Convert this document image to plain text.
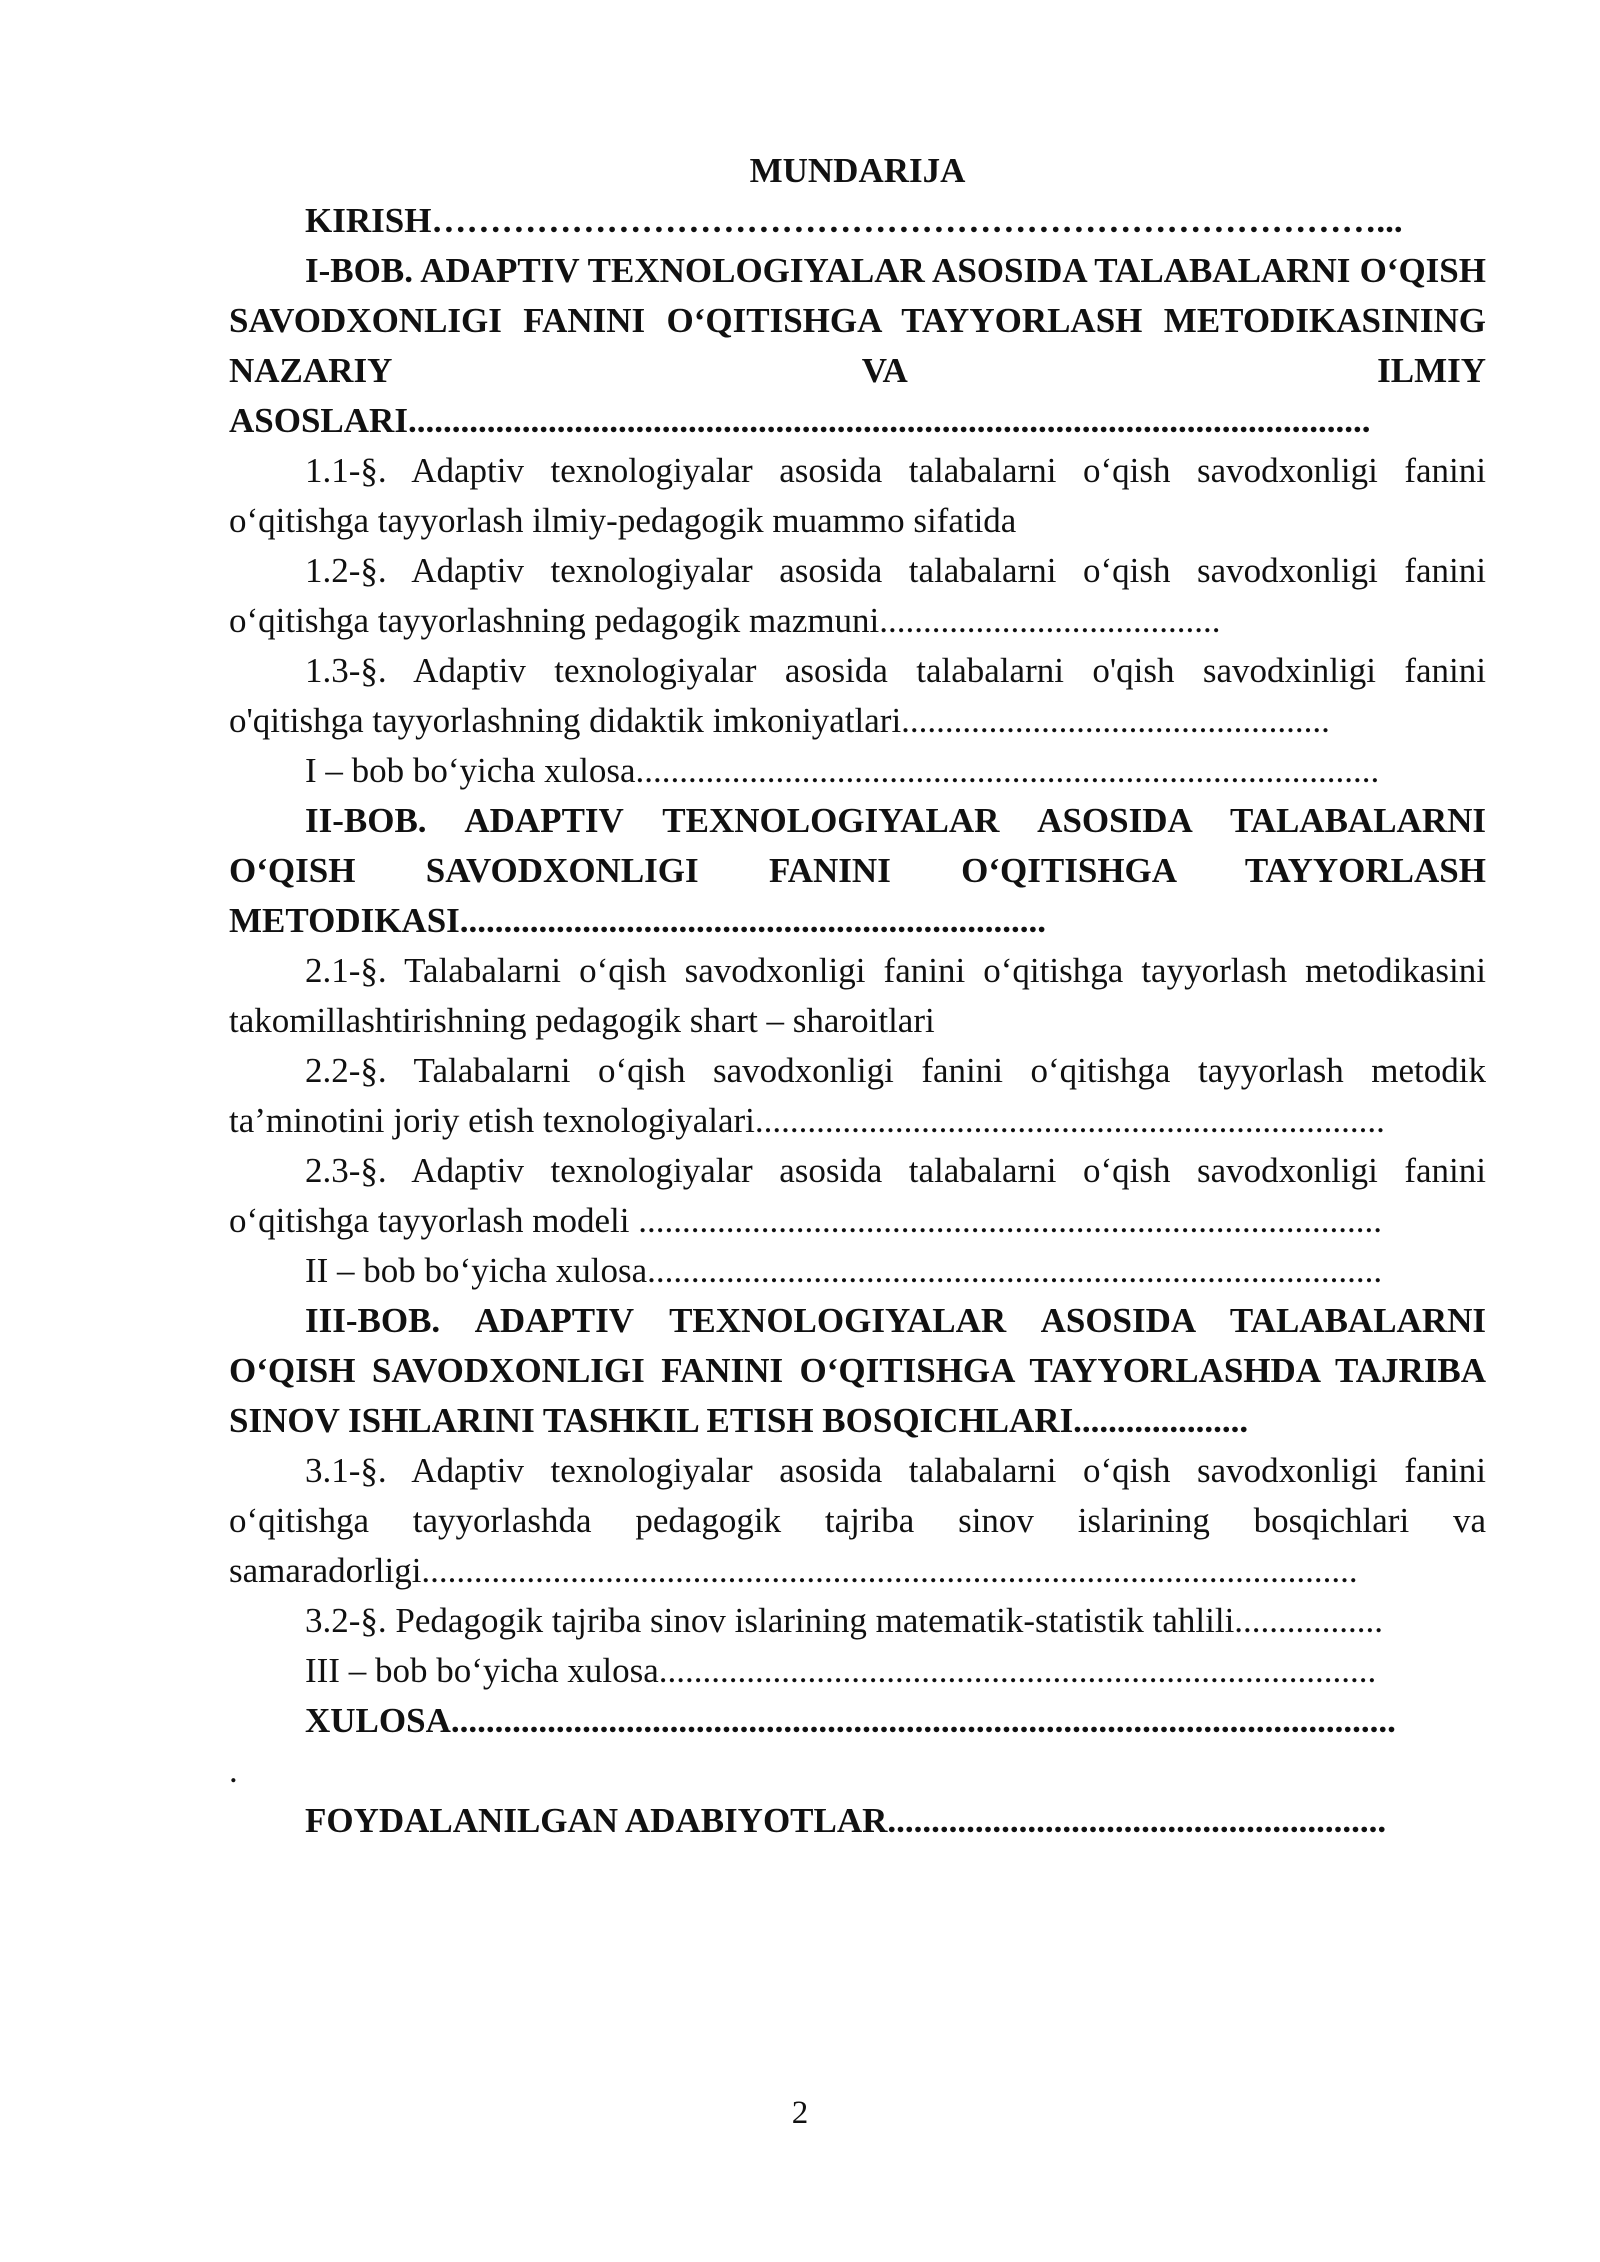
MUNDARIJA

KIRISH………………………………………………………………………...

I-BOB. ADAPTIV TEXNOLOGIYALAR ASOSIDA TALABALARNI O‘QISH SAVODXONLIGI FANINI O‘QITISHGA TAYYORLASH METODIKASINING NAZARIY VA ILMIY ASOSLARI..............................................................................................................

1.1-§. Adaptiv texnologiyalar asosida talabalarni o‘qish savodxonligi fanini o‘qitishga tayyorlash ilmiy-pedagogik muammo sifatida

1.2-§. Adaptiv texnologiyalar asosida talabalarni o‘qish savodxonligi fanini o‘qitishga tayyorlashning pedagogik mazmuni.......................................

1.3-§. Adaptiv texnologiyalar asosida talabalarni o'qish savodxinligi fanini o'qitishga tayyorlashning didaktik imkoniyatlari.................................................

I – bob bo‘yicha xulosa.....................................................................................

II-BOB. ADAPTIV TEXNOLOGIYALAR ASOSIDA TALABALARNI O‘QISH SAVODXONLIGI FANINI O‘QITISHGA TAYYORLASH METODIKASI...................................................................

2.1-§. Talabalarni o‘qish savodxonligi fanini o‘qitishga tayyorlash metodikasini takomillashtirishning pedagogik shart – sharoitlari

2.2-§. Talabalarni o‘qish savodxonligi fanini o‘qitishga tayyorlash metodik ta’minotini joriy etish texnologiyalari........................................................................

2.3-§. Adaptiv texnologiyalar asosida talabalarni o‘qish savodxonligi fanini o‘qitishga tayyorlash modeli .....................................................................................

II – bob bo‘yicha xulosa....................................................................................

III-BOB. ADAPTIV TEXNOLOGIYALAR ASOSIDA TALABALARNI O‘QISH SAVODXONLIGI FANINI O‘QITISHGA TAYYORLASHDA TAJRIBA SINOV ISHLARINI TASHKIL ETISH BOSQICHLARI....................

3.1-§. Adaptiv texnologiyalar asosida talabalarni o‘qish savodxonligi fanini o‘qitishga tayyorlashda pedagogik tajriba sinov islarining bosqichlari va samaradorligi...........................................................................................................

3.2-§. Pedagogik tajriba sinov islarining matematik-statistik tahlili.................

III – bob bo‘yicha xulosa..................................................................................

XULOSA............................................................................................................

.

FOYDALANILGAN ADABIYOTLAR.........................................................

2
